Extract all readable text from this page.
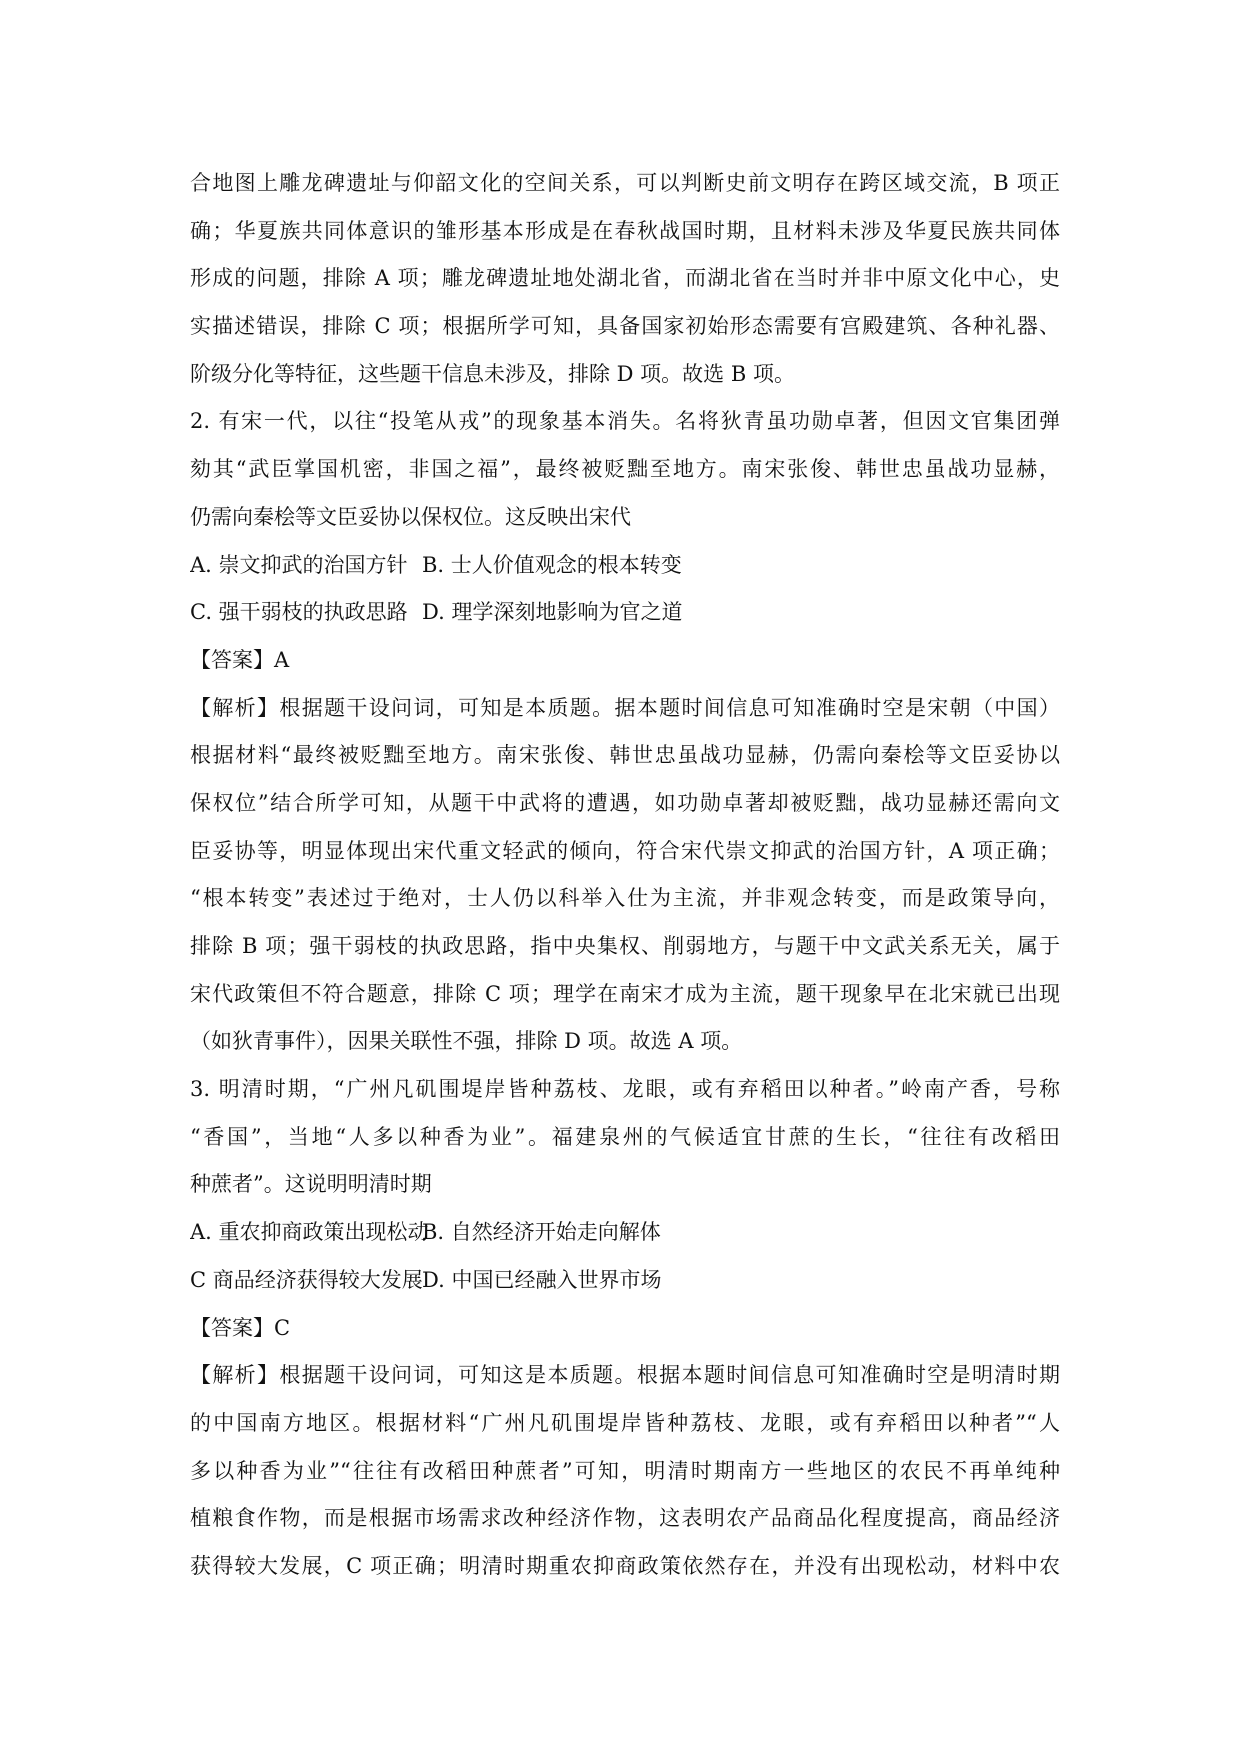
合地图上雕龙碑遗址与仰韶文化的空间关系，可以判断史前文明存在跨区域交流，B 项正
确；华夏族共同体意识的雏形基本形成是在春秋战国时期，且材料未涉及华夏民族共同体
形成的问题，排除 A 项；雕龙碑遗址地处湖北省，而湖北省在当时并非中原文化中心，史
实描述错误，排除 C 项；根据所学可知，具备国家初始形态需要有宫殿建筑、各种礼器、
阶级分化等特征，这些题干信息未涉及，排除 D 项。故选 B 项。
2. 有宋一代，以往“投笔从戎”的现象基本消失。名将狄青虽功勋卓著，但因文官集团弹
劾其“武臣掌国机密，非国之福”，最终被贬黜至地方。南宋张俊、韩世忠虽战功显赫，
仍需向秦桧等文臣妥协以保权位。这反映出宋代
A. 崇文抑武的治国方针 B. 士人价值观念的根本转变
C. 强干弱枝的执政思路 D. 理学深刻地影响为官之道
【答案】A
【解析】根据题干设问词，可知是本质题。据本题时间信息可知准确时空是宋朝（中国）
根据材料“最终被贬黜至地方。南宋张俊、韩世忠虽战功显赫，仍需向秦桧等文臣妥协以
保权位”结合所学可知，从题干中武将的遭遇，如功勋卓著却被贬黜，战功显赫还需向文
臣妥协等，明显体现出宋代重文轻武的倾向，符合宋代崇文抑武的治国方针，A 项正确；
“根本转变”表述过于绝对，士人仍以科举入仕为主流，并非观念转变，而是政策导向，
排除 B 项；强干弱枝的执政思路，指中央集权、削弱地方，与题干中文武关系无关，属于
宋代政策但不符合题意，排除 C 项；理学在南宋才成为主流，题干现象早在北宋就已出现
（如狄青事件），因果关联性不强，排除 D 项。故选 A 项。
3. 明清时期，“广州凡矶围堤岸皆种荔枝、龙眼，或有弃稻田以种者。”岭南产香，号称
“香国”，当地“人多以种香为业”。福建泉州的气候适宜甘蔗的生长，“往往有改稻田
种蔗者”。这说明明清时期
A. 重农抑商政策出现松动
B. 自然经济开始走向解体
C 商品经济获得较大发展 D. 中国已经融入世界市场
【答案】C
【解析】根据题干设问词，可知这是本质题。根据本题时间信息可知准确时空是明清时期
的中国南方地区。根据材料“广州凡矶围堤岸皆种荔枝、龙眼，或有弃稻田以种者”“人
多以种香为业”“往往有改稻田种蔗者”可知，明清时期南方一些地区的农民不再单纯种
植粮食作物，而是根据市场需求改种经济作物，这表明农产品商品化程度提高，商品经济
获得较大发展，C 项正确；明清时期重农抑商政策依然存在，并没有出现松动，材料中农
